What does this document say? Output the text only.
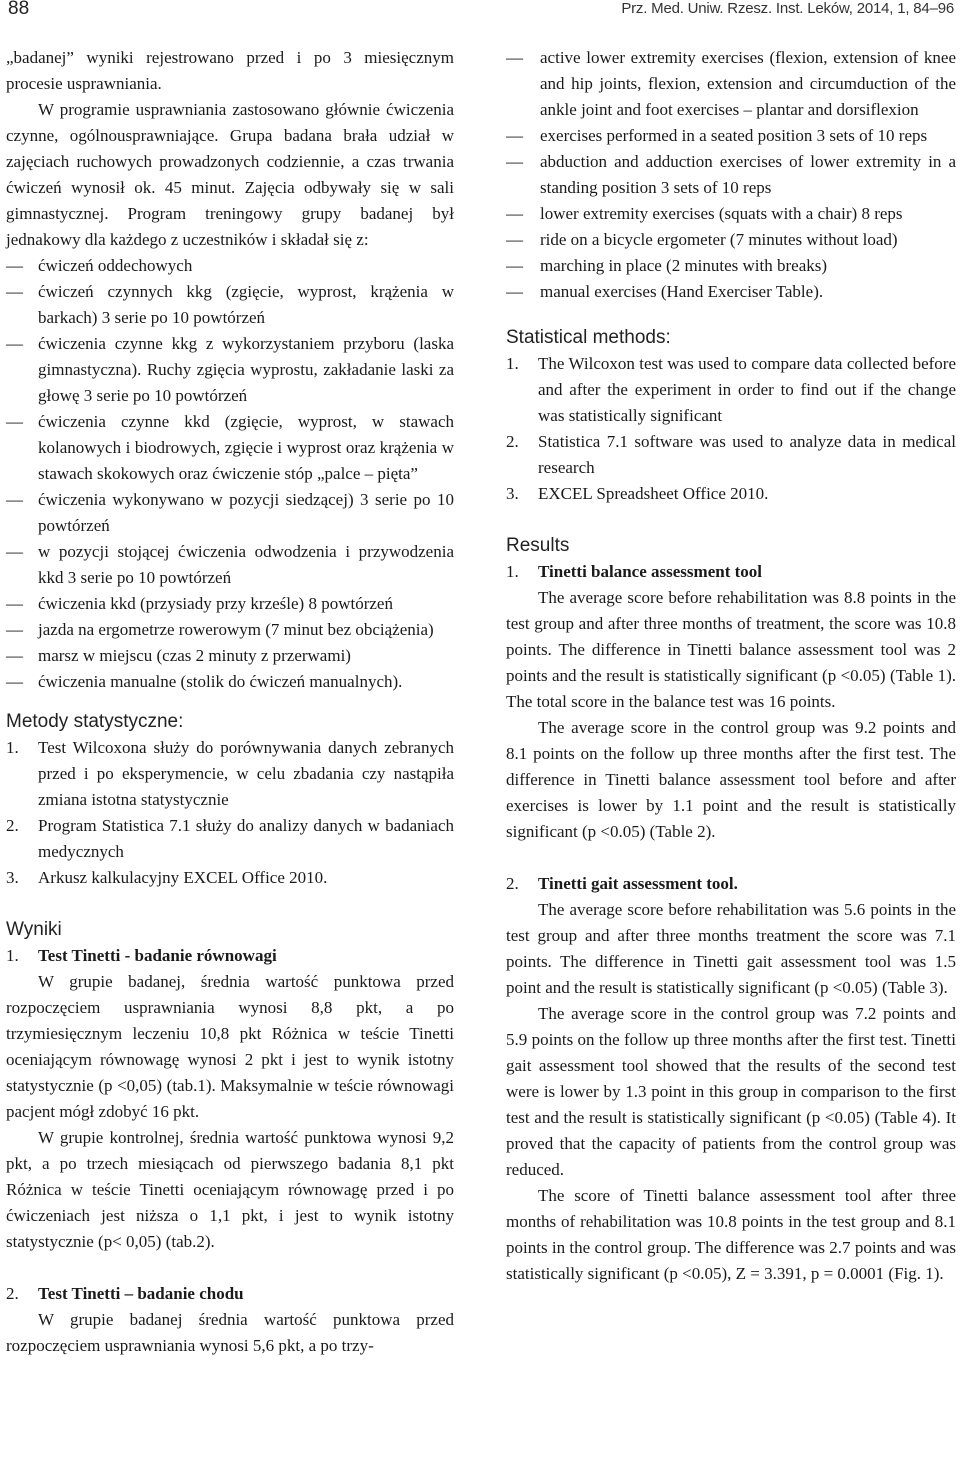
88	Prz. Med. Uniw. Rzesz. Inst. Leków, 2014, 1, 84–96

„badanej” wyniki rejestrowano przed i po 3 miesięcznym procesie usprawniania.

W programie usprawniania zastosowano głównie ćwiczenia czynne, ogólnousprawniające. Grupa badana brała udział w zajęciach ruchowych prowadzonych codziennie, a czas trwania ćwiczeń wynosił ok. 45 minut. Zajęcia odbywały się w sali gimnastycznej. Program treningowy grupy badanej był jednakowy dla każdego z uczestników i składał się z:

—
ćwiczeń oddechowych
—
ćwiczeń czynnych kkg (zgięcie, wyprost, krążenia w barkach) 3 serie po 10 powtórzeń
—
ćwiczenia czynne kkg z wykorzystaniem przyboru (laska gimnastyczna). Ruchy zgięcia wyprostu, zakładanie laski za głowę 3 serie po 10 powtórzeń
—
ćwiczenia czynne kkd (zgięcie, wyprost, w stawach kolanowych i biodrowych, zgięcie i wyprost oraz krążenia w stawach skokowych oraz ćwiczenie stóp „palce – pięta”
—
ćwiczenia wykonywano w pozycji siedzącej) 3 serie po 10 powtórzeń
—
w pozycji stojącej ćwiczenia odwodzenia i przywodzenia kkd 3 serie po 10 powtórzeń
—
ćwiczenia kkd (przysiady przy krześle) 8 powtórzeń
—
jazda na ergometrze rowerowym (7 minut bez obciążenia)
—
marsz w miejscu (czas 2 minuty z przerwami)
—
ćwiczenia manualne (stolik do ćwiczeń manualnych).
Metody statystyczne:
1. Test Wilcoxona służy do porównywania danych zebranych przed i po eksperymencie, w celu zbadania czy nastąpiła zmiana istotna statystycznie
2. Program Statistica 7.1 służy do analizy danych w badaniach medycznych
3. Arkusz kalkulacyjny EXCEL Office 2010.
Wyniki
1. Test Tinetti - badanie równowagi

W grupie badanej, średnia wartość punktowa przed rozpoczęciem usprawniania wynosi 8,8 pkt, a po trzymiesięcznym leczeniu 10,8 pkt Różnica w teście Tinetti oceniającym równowagę wynosi 2 pkt i jest to wynik istotny statystycznie (p <0,05) (tab.1). Maksymalnie w teście równowagi pacjent mógł zdobyć 16 pkt.

W grupie kontrolnej, średnia wartość punktowa wynosi 9,2 pkt, a po trzech miesiącach od pierwszego badania 8,1 pkt Różnica w teście Tinetti oceniającym równowagę przed i po ćwiczeniach jest niższa o 1,1 pkt, i jest to wynik istotny statystycznie (p< 0,05) (tab.2).

2. Test Tinetti – badanie chodu

W grupie badanej średnia wartość punktowa przed rozpoczęciem usprawniania wynosi 5,6 pkt, a po trzy-

—
active lower extremity exercises (flexion, extension of knee and hip joints, flexion, extension and circumduction of the ankle joint and foot exercises – plantar and dorsiflexion
—
exercises performed in a seated position 3 sets of 10 reps
—
abduction and adduction exercises of lower extremity in a standing position 3 sets of 10 reps
—
lower extremity exercises (squats with a chair) 8 reps
—
ride on a bicycle ergometer (7 minutes without load)
—
marching in place (2 minutes with breaks)
—
manual exercises (Hand Exerciser Table).
Statistical methods:
1. The Wilcoxon test was used to compare data collected before and after the experiment in order to find out if the change was statistically significant
2. Statistica 7.1 software was used to analyze data in medical research
3. EXCEL Spreadsheet Office 2010.
Results
1. Tinetti balance assessment tool

The average score before rehabilitation was 8.8 points in the test group and after three months of treatment, the score was 10.8 points. The difference in Tinetti balance assessment tool was 2 points and the result is statistically significant (p <0.05) (Table 1). The total score in the balance test was 16 points.

The average score in the control group was 9.2 points and 8.1 points on the follow up three months after the first test. The difference in Tinetti balance assessment tool before and after exercises is lower by 1.1 point and the result is statistically significant (p <0.05) (Table 2).

2. Tinetti gait assessment tool.

The average score before rehabilitation was 5.6 points in the test group and after three months treatment the score was 7.1 points. The difference in Tinetti gait assessment tool was 1.5 point and the result is statistically significant (p <0.05) (Table 3).

The average score in the control group was 7.2 points and 5.9 points on the follow up three months after the first test. Tinetti gait assessment tool showed that the results of the second test were is lower by 1.3 point in this group in comparison to the first test and the result is statistically significant (p <0.05) (Table 4). It proved that the capacity of patients from the control group was reduced.

The score of Tinetti balance assessment tool after three months of rehabilitation was 10.8 points in the test group and 8.1 points in the control group. The difference was 2.7 points and was statistically significant (p <0.05), Z = 3.391, p = 0.0001 (Fig. 1).
